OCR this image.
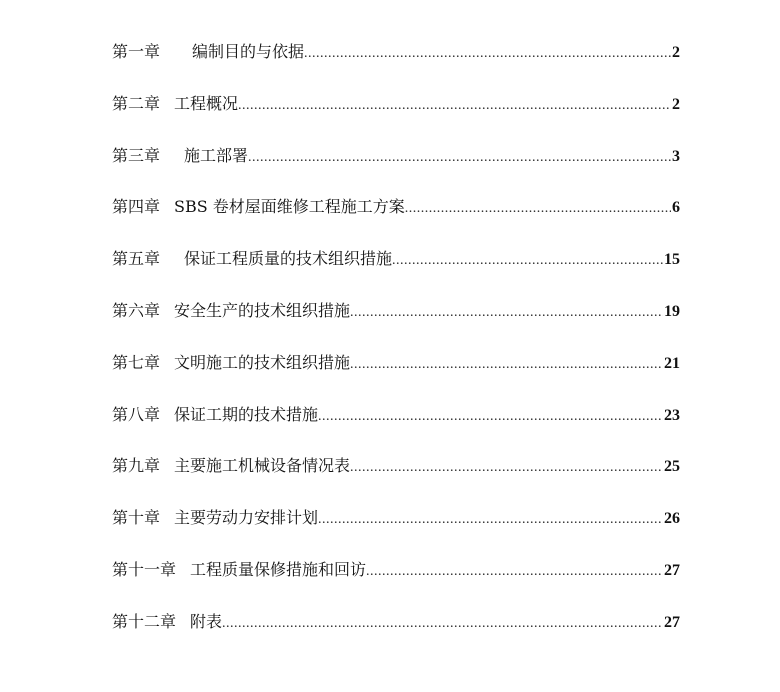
第一章	编制目的与依据 .....	2
第二章 工程概况 .....	2
第三章	施工部署 .....	3
第四章 SBS 卷材屋面维修工程施工方案 .....	6
第五章	保证工程质量的技术组织措施 .....	15
第六章 安全生产的技术组织措施 .....	19
第七章 文明施工的技术组织措施 .....	21
第八章 保证工期的技术措施 .....	23
第九章 主要施工机械设备情况表 .....	25
第十章 主要劳动力安排计划 .....	26
第十一章 工程质量保修措施和回访 .....	27
第十二章 附表 .....	27
